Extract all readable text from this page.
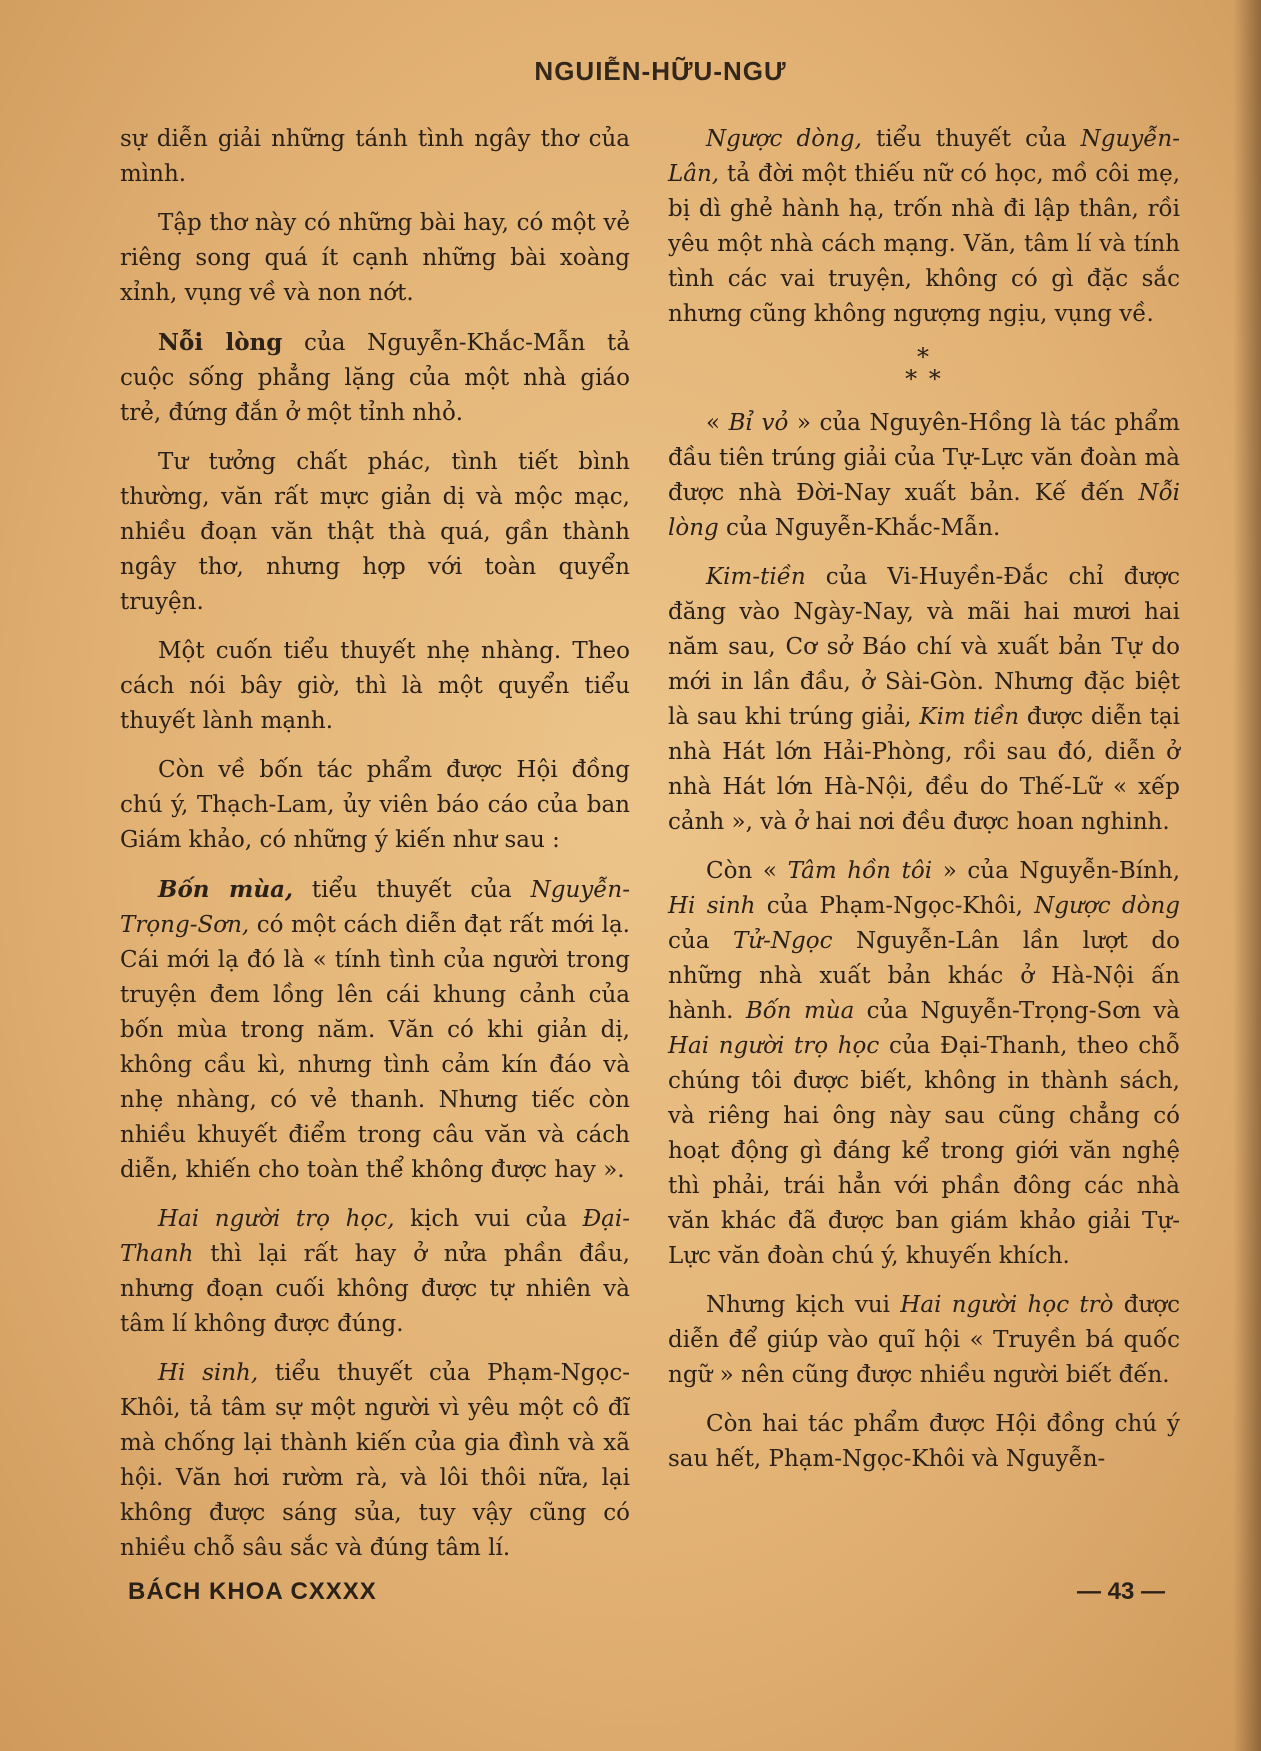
NGUIỄN-HỮU-NGƯ

sự diễn giải những tánh tình ngây thơ của mình.

Tập thơ này có những bài hay, có một vẻ riêng song quá ít cạnh những bài xoàng xỉnh, vụng về và non nớt.

Nỗi lòng của Nguyễn-Khắc-Mẫn tả cuộc sống phẳng lặng của một nhà giáo trẻ, đứng đắn ở một tỉnh nhỏ.

Tư tưởng chất phác, tình tiết bình thường, văn rất mực giản dị và mộc mạc, nhiều đoạn văn thật thà quá, gần thành ngây thơ, nhưng hợp với toàn quyển truyện.

Một cuốn tiểu thuyết nhẹ nhàng. Theo cách nói bây giờ, thì là một quyển tiểu thuyết lành mạnh.

Còn về bốn tác phẩm được Hội đồng chú ý, Thạch-Lam, ủy viên báo cáo của ban Giám khảo, có những ý kiến như sau :

Bốn mùa, tiểu thuyết của Nguyễn-Trọng-Sơn, có một cách diễn đạt rất mới lạ. Cái mới lạ đó là « tính tình của người trong truyện đem lồng lên cái khung cảnh của bốn mùa trong năm. Văn có khi giản dị, không cầu kì, nhưng tình cảm kín đáo và nhẹ nhàng, có vẻ thanh. Nhưng tiếc còn nhiều khuyết điểm trong câu văn và cách diễn, khiến cho toàn thể không được hay ».

Hai người trọ học, kịch vui của Đại-Thanh thì lại rất hay ở nửa phần đầu, nhưng đoạn cuối không được tự nhiên và tâm lí không được đúng.

Hi sinh, tiểu thuyết của Phạm-Ngọc-Khôi, tả tâm sự một người vì yêu một cô đĩ mà chống lại thành kiến của gia đình và xã hội. Văn hơi rườm rà, và lôi thôi nữa, lại không được sáng sủa, tuy vậy cũng có nhiều chỗ sâu sắc và đúng tâm lí.

Ngược dòng, tiểu thuyết của Nguyễn-Lân, tả đời một thiếu nữ có học, mồ côi mẹ, bị dì ghẻ hành hạ, trốn nhà đi lập thân, rồi yêu một nhà cách mạng. Văn, tâm lí và tính tình các vai truyện, không có gì đặc sắc nhưng cũng không ngượng ngịu, vụng về.

*
* *

« Bỉ vỏ » của Nguyên-Hồng là tác phẩm đầu tiên trúng giải của Tự-Lực văn đoàn mà được nhà Đời-Nay xuất bản. Kế đến Nỗi lòng của Nguyễn-Khắc-Mẫn.

Kim-tiền của Vi-Huyền-Đắc chỉ được đăng vào Ngày-Nay, và mãi hai mươi hai năm sau, Cơ sở Báo chí và xuất bản Tự do mới in lần đầu, ở Sài-Gòn. Nhưng đặc biệt là sau khi trúng giải, Kim tiền được diễn tại nhà Hát lớn Hải-Phòng, rồi sau đó, diễn ở nhà Hát lớn Hà-Nội, đều do Thế-Lữ « xếp cảnh », và ở hai nơi đều được hoan nghinh.

Còn « Tâm hồn tôi » của Nguyễn-Bính, Hi sinh của Phạm-Ngọc-Khôi, Ngược dòng của Tử-Ngọc Nguyễn-Lân lần lượt do những nhà xuất bản khác ở Hà-Nội ấn hành. Bốn mùa của Nguyễn-Trọng-Sơn và Hai người trọ học của Đại-Thanh, theo chỗ chúng tôi được biết, không in thành sách, và riêng hai ông này sau cũng chẳng có hoạt động gì đáng kể trong giới văn nghệ thì phải, trái hẳn với phần đông các nhà văn khác đã được ban giám khảo giải Tự-Lực văn đoàn chú ý, khuyến khích.

Nhưng kịch vui Hai người học trò được diễn để giúp vào quĩ hội « Truyền bá quốc ngữ » nên cũng được nhiều người biết đến.

Còn hai tác phẩm được Hội đồng chú ý sau hết, Phạm-Ngọc-Khôi và Nguyễn-

BÁCH KHOA CXXXX	— 43 —
